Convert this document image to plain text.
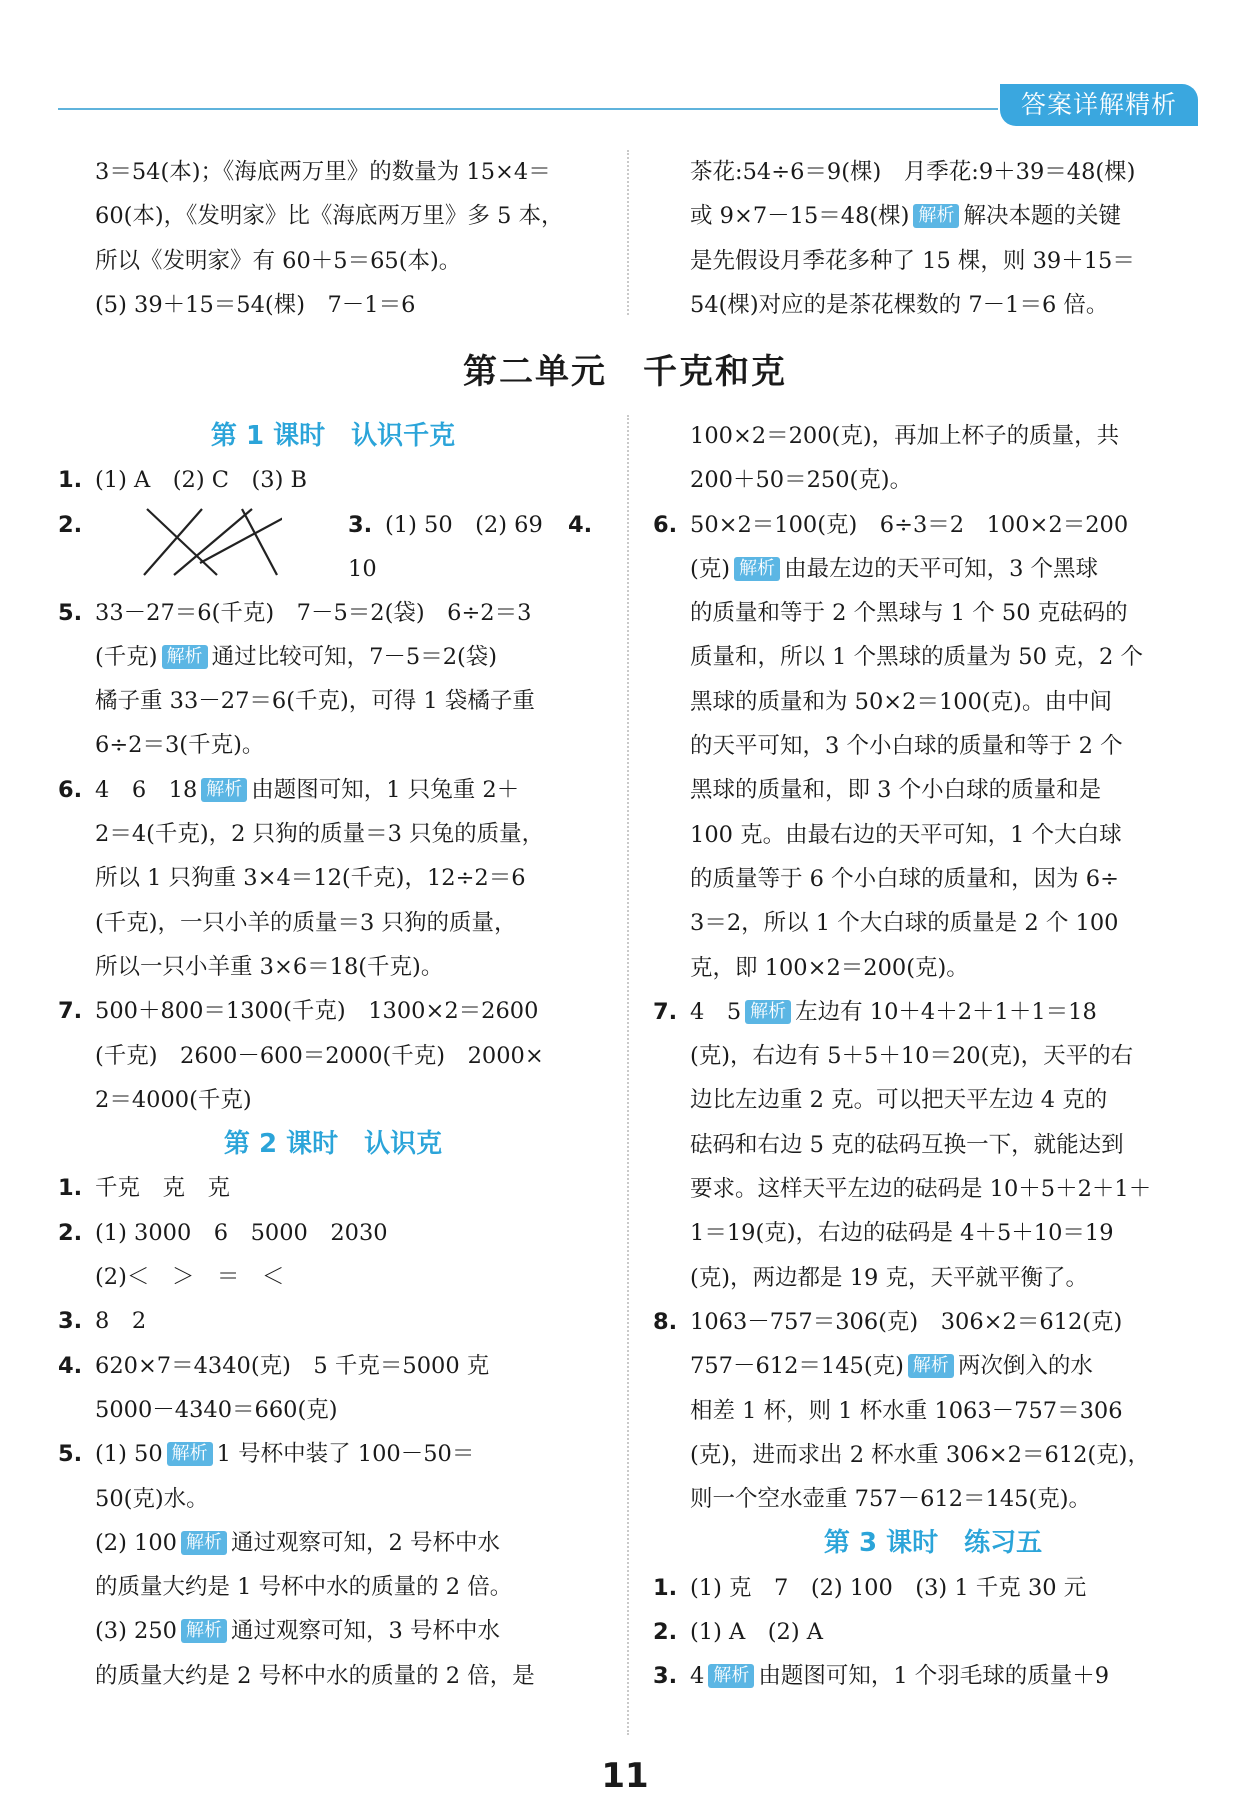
答案详解精析
3＝54(本)；《海底两万里》的数量为 15×4＝
60(本)，《发明家》比《海底两万里》多 5 本，
所以《发明家》有 60＋5＝65(本)。
(5) 39＋15＝54(棵)　7－1＝6
茶花:54÷6＝9(棵)　月季花:9＋39＝48(棵)
或 9×7－15＝48(棵) 解析 解决本题的关键
是先假设月季花多种了 15 棵，则 39＋15＝
54(棵)对应的是茶花棵数的 7－1＝6 倍。
第二单元　千克和克
第 1 课时　认识千克
1. (1) A　(2) C　(3) B
2.	3. (1) 50　(2) 69 4.10
5. 33－27＝6(千克)　7－5＝2(袋)　6÷2＝3
(千克) 解析 通过比较可知，7－5＝2(袋)
橘子重 33－27＝6(千克)，可得 1 袋橘子重
6÷2＝3(千克)。
6. 4　6　18 解析 由题图可知，1 只兔重 2＋
2＝4(千克)，2 只狗的质量＝3 只兔的质量，
所以 1 只狗重 3×4＝12(千克)，12÷2＝6
(千克)，一只小羊的质量＝3 只狗的质量，
所以一只小羊重 3×6＝18(千克)。
7. 500＋800＝1300(千克)　1300×2＝2600
(千克)　2600－600＝2000(千克)　2000×
2＝4000(千克)
第 2 课时　认识克
1. 千克　克　克
2. (1) 3000　6　5000　2030
(2)＜　＞　＝　＜
3. 8　2
4. 620×7＝4340(克)　5 千克＝5000 克
5000－4340＝660(克)
5. (1) 50 解析 1 号杯中装了 100－50＝
50(克)水。
(2) 100 解析 通过观察可知，2 号杯中水
的质量大约是 1 号杯中水的质量的 2 倍。
(3) 250 解析 通过观察可知，3 号杯中水
的质量大约是 2 号杯中水的质量的 2 倍，是
100×2＝200(克)，再加上杯子的质量，共
200＋50＝250(克)。
6. 50×2＝100(克)　6÷3＝2　100×2＝200
(克) 解析 由最左边的天平可知，3 个黑球
的质量和等于 2 个黑球与 1 个 50 克砝码的
质量和，所以 1 个黑球的质量为 50 克，2 个
黑球的质量和为 50×2＝100(克)。由中间
的天平可知，3 个小白球的质量和等于 2 个
黑球的质量和，即 3 个小白球的质量和是
100 克。由最右边的天平可知，1 个大白球
的质量等于 6 个小白球的质量和，因为 6÷
3＝2，所以 1 个大白球的质量是 2 个 100
克，即 100×2＝200(克)。
7. 4　5 解析 左边有 10＋4＋2＋1＋1＝18
(克)，右边有 5＋5＋10＝20(克)，天平的右
边比左边重 2 克。可以把天平左边 4 克的
砝码和右边 5 克的砝码互换一下，就能达到
要求。这样天平左边的砝码是 10＋5＋2＋1＋
1＝19(克)，右边的砝码是 4＋5＋10＝19
(克)，两边都是 19 克，天平就平衡了。
8. 1063－757＝306(克)　306×2＝612(克)
757－612＝145(克) 解析 两次倒入的水
相差 1 杯，则 1 杯水重 1063－757＝306
(克)，进而求出 2 杯水重 306×2＝612(克)，
则一个空水壶重 757－612＝145(克)。
第 3 课时　练习五
1. (1) 克　7　(2) 100　(3) 1 千克 30 元
2. (1) A　(2) A
3. 4 解析 由题图可知，1 个羽毛球的质量＋9
11
